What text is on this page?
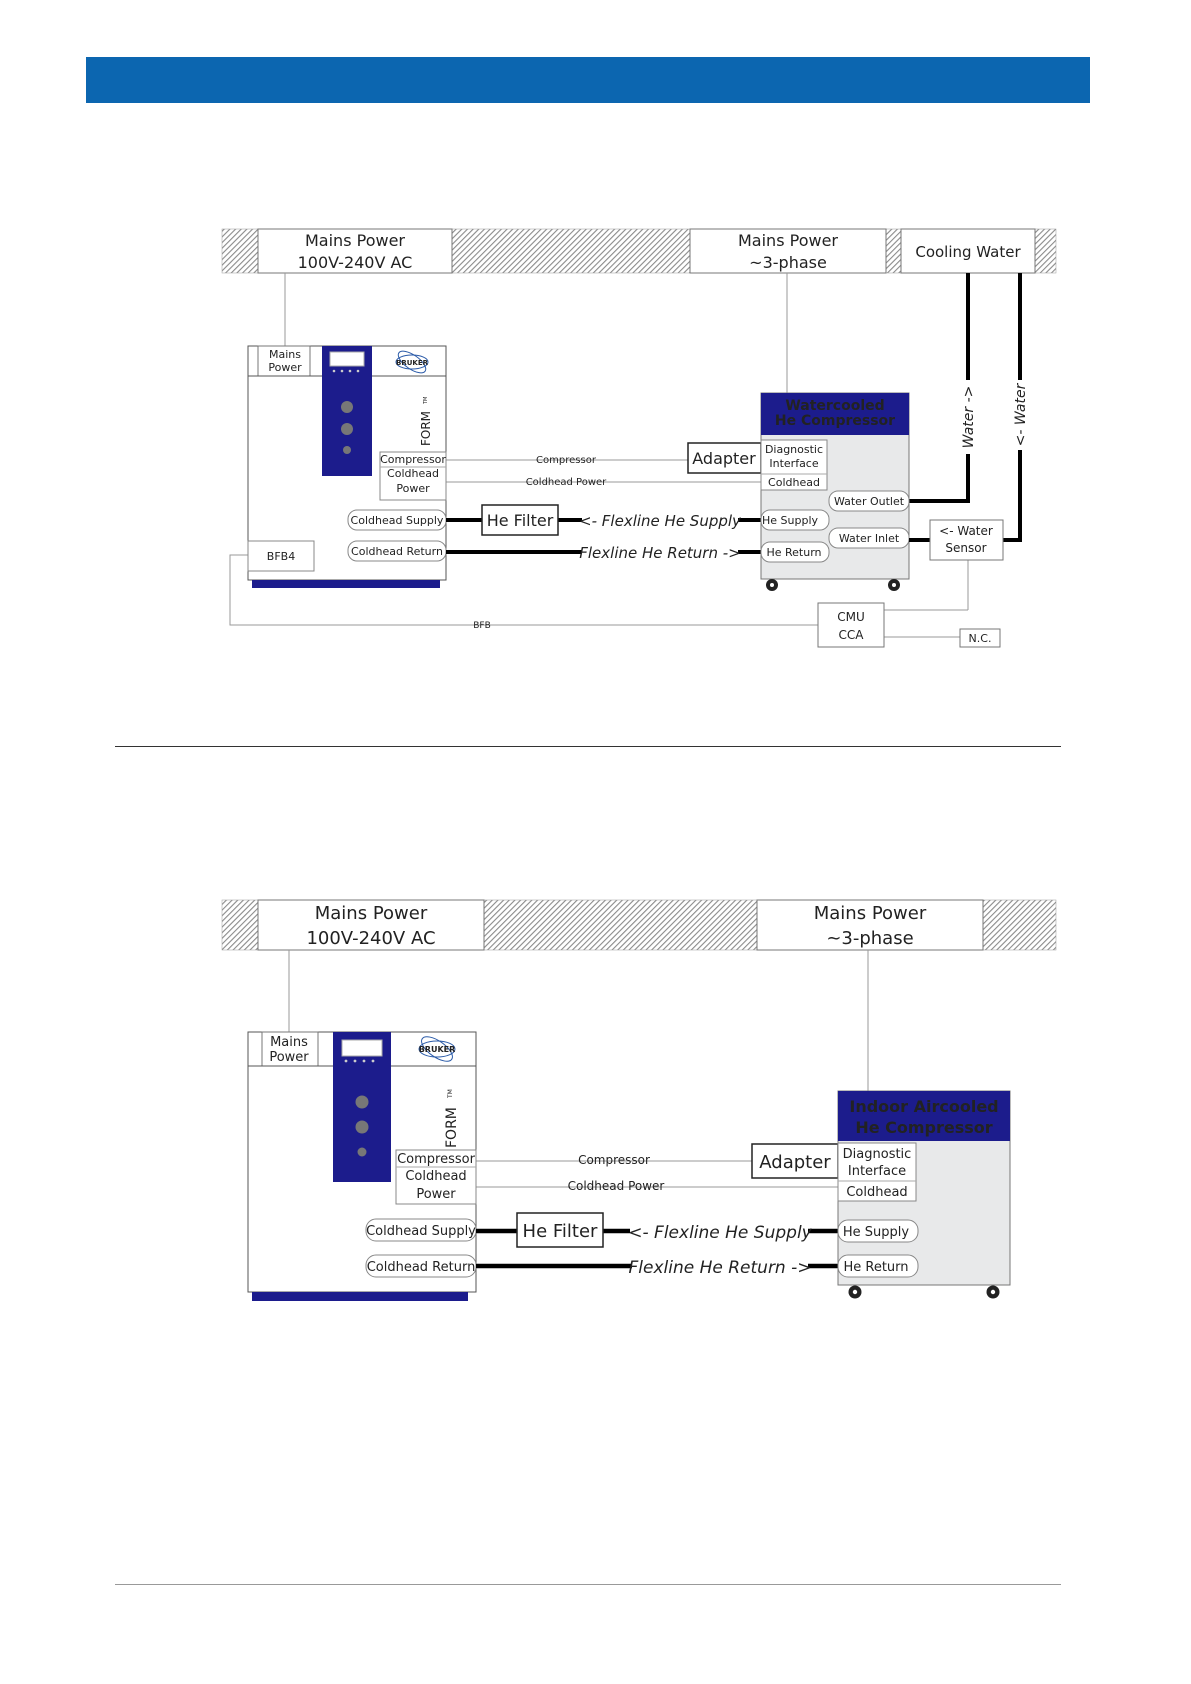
Mains Power
100V-240V AC
Mains Power
~3-phase
Cooling Water
Mains
Power	BRUKER
FORM
TM
Compressor
Coldhead
Power
Coldhead Supply
Coldhead Return
BFB4
Compressor
Coldhead Power
BFB
Adapter
<- Flexline He Supply
Flexline He Return ->
He Filter
Water ->	<- Water
Watercooled
He Compressor
Diagnostic
Interface
Coldhead
He Supply
He Return
Water Outlet
Water Inlet
<- Water
Sensor
CMU
CCA	N.C.
Mains Power
100V-240V AC
Mains Power
~3-phase
Mains
Power
BRUKER
FORM
TM
Compressor
Coldhead
Power
Coldhead Supply
Coldhead Return
Compressor
Coldhead Power
Adapter
<- Flexline He Supply
Flexline He Return ->
He Filter
Indoor Aircooled
He Compressor
Diagnostic
Interface
Coldhead
He Supply
He Return
